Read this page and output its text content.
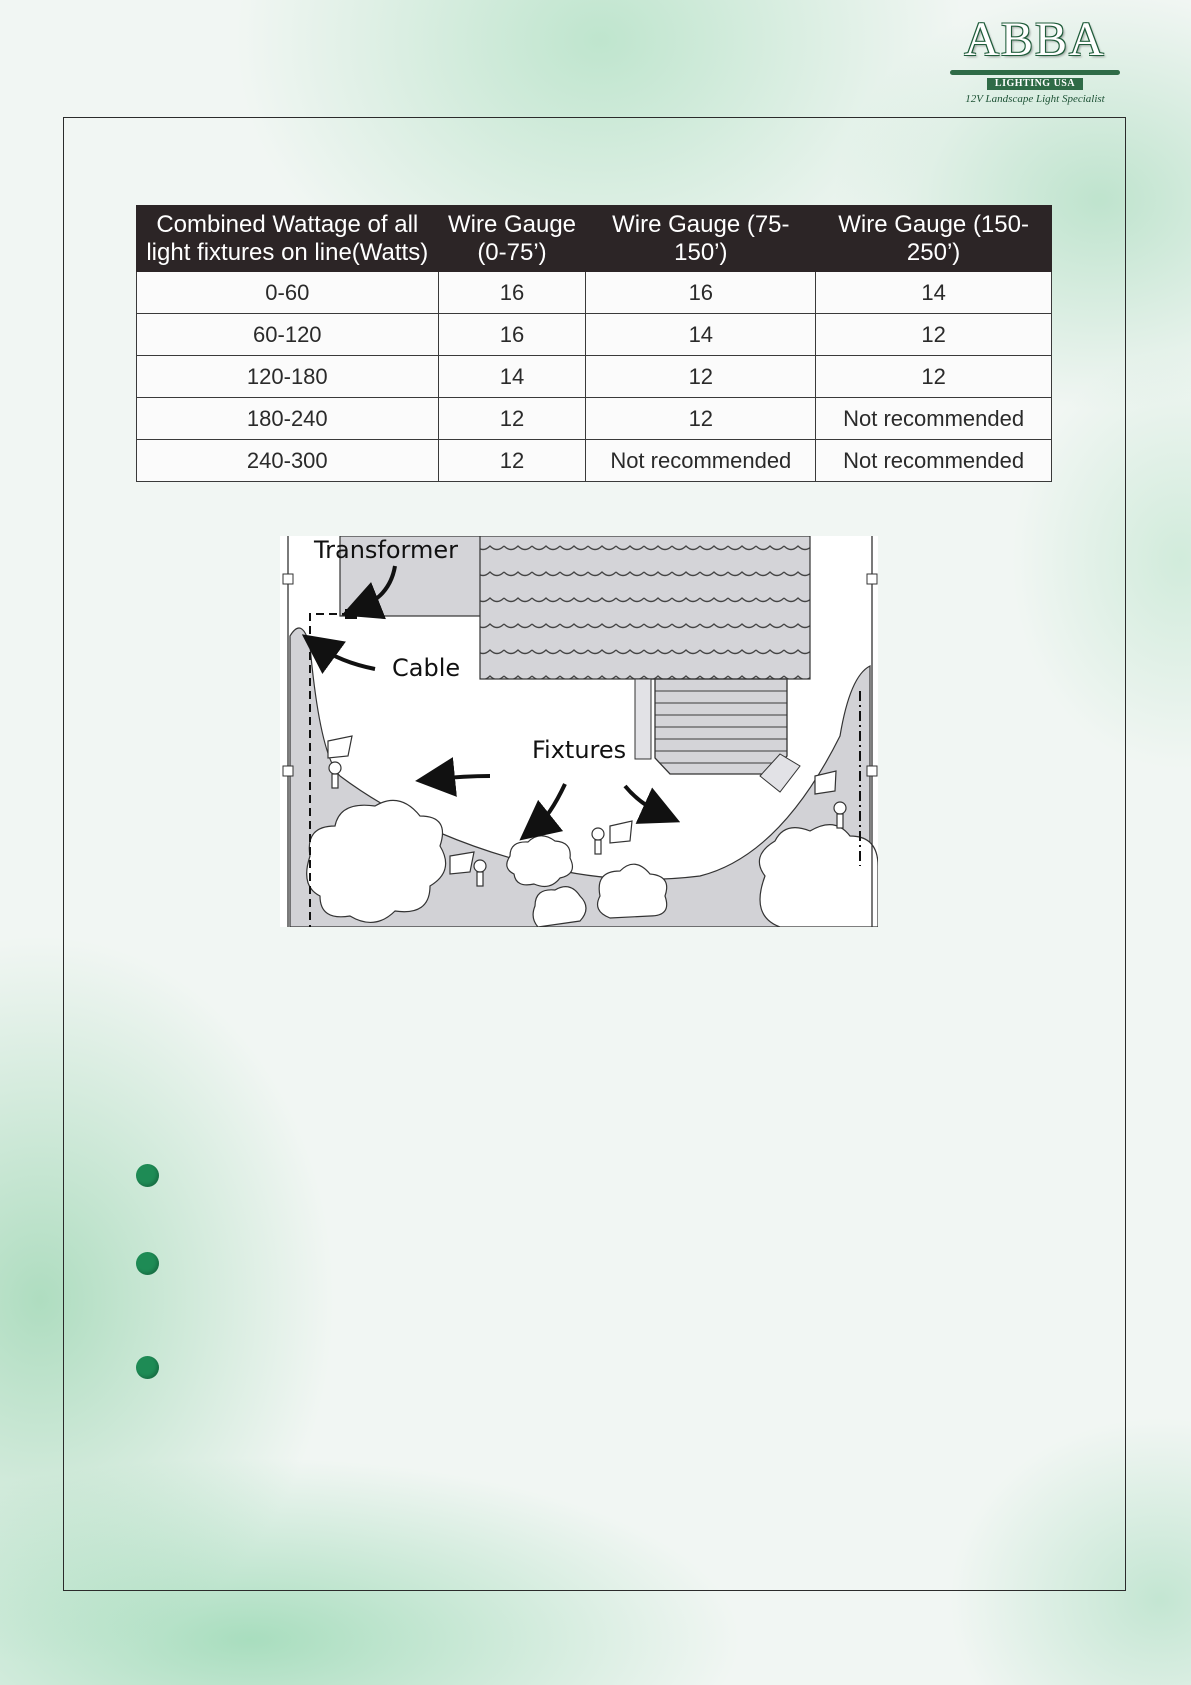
ABBA
LIGHTING USA
12V Landscape Light Specialist
Combined Wattage of all light fixtures on line(Watts)	Wire Gauge (0-75’)	Wire Gauge (75-150’)	Wire Gauge (150-250’)
0-60	16	16	14
60-120	16	14	12
120-180	14	12	12
180-240	12	12	Not recommended
240-300	12	Not recommended	Not recommended
Transformer
Cable
Fixtures
